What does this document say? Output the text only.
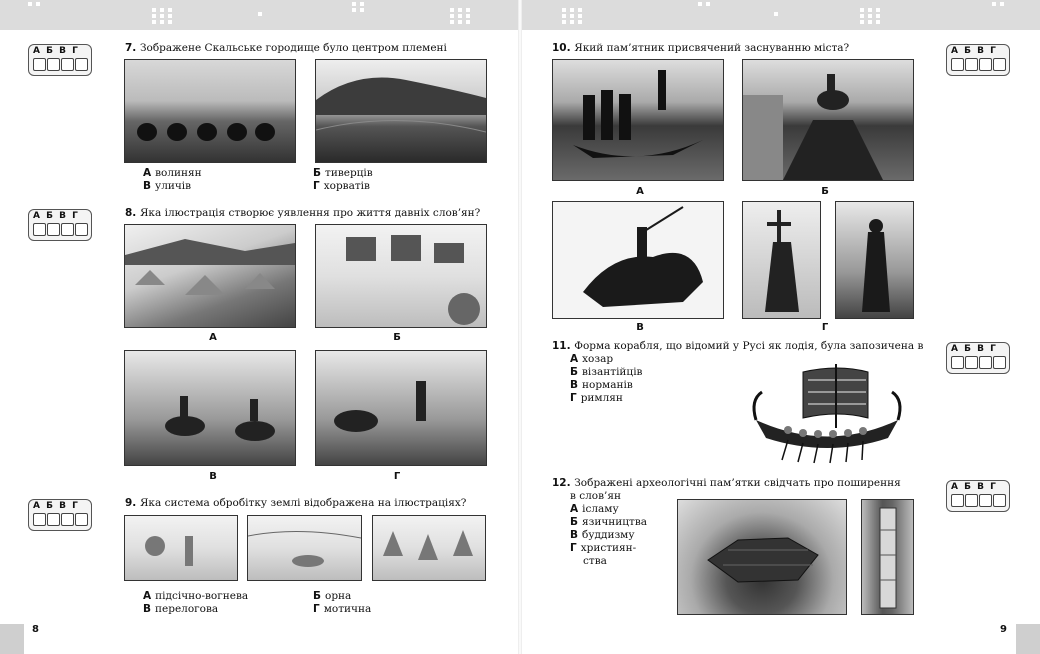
8	9
А Б В Г
А Б В Г
А Б В Г
А Б В Г
А Б В Г
А Б В Г
7. Зображене Скальське городище було центром племені
А волинян	Б тиверців
В уличів	Г хорватів
8. Яка ілюстрація створює уявлення про життя давніх слов’ян?
А	Б
В	Г
9. Яка система обробітку землі відображена на ілюстраціях?
А підсічно-вогнева	Б орна
В перелогова	Г мотична
10. Який пам’ятник присвячений заснуванню міста?
А	Б
В	Г
11. Форма корабля, що відомий у Русі як лодія, була запозичена в
А хозар
Б візантійців
В норманів
Г римлян
12. Зображені археологічні пам’ятки свідчать про поширення
в слов’ян
А ісламу
Б язичництва
В буддизму
Г християн-
ства
